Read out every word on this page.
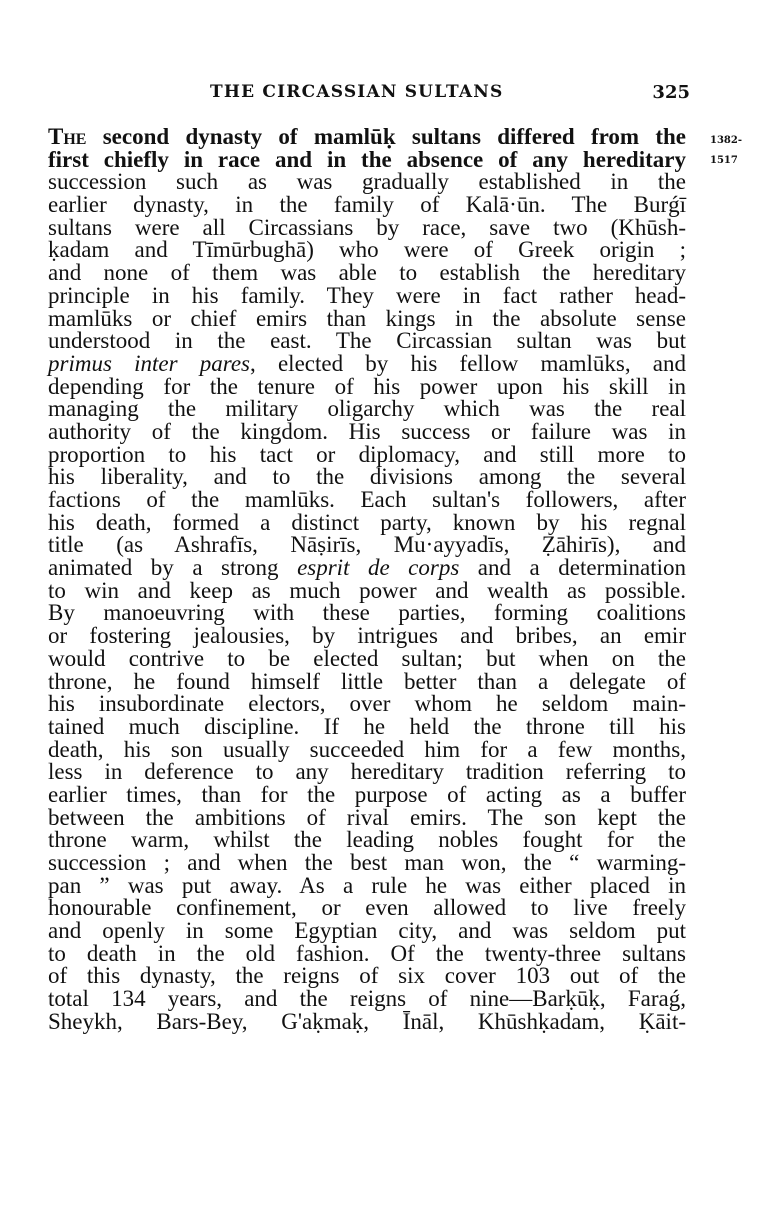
THE CIRCASSIAN SULTANS	325
1382-
1517
The second dynasty of mamlūḳ sultans differed from the
first chiefly in race and in the absence of any hereditary
succession such as was gradually established in the
earlier dynasty, in the family of Kalā·ūn. The Burǵī
sultans were all Circassians by race, save two (Khūsh-
ḳadam and Tīmūrbughā) who were of Greek origin ;
and none of them was able to establish the hereditary
principle in his family. They were in fact rather head-
mamlūks or chief emirs than kings in the absolute sense
understood in the east. The Circassian sultan was but
primus inter pares, elected by his fellow mamlūks, and
depending for the tenure of his power upon his skill in
managing the military oligarchy which was the real
authority of the kingdom. His success or failure was in
proportion to his tact or diplomacy, and still more to
his liberality, and to the divisions among the several
factions of the mamlūks. Each sultan's followers, after
his death, formed a distinct party, known by his regnal
title (as Ashrafīs, Nāṣirīs, Mu·ayyadīs, Ẓāhirīs), and
animated by a strong esprit de corps and a determination
to win and keep as much power and wealth as possible.
By manoeuvring with these parties, forming coalitions
or fostering jealousies, by intrigues and bribes, an emir
would contrive to be elected sultan; but when on the
throne, he found himself little better than a delegate of
his insubordinate electors, over whom he seldom main-
tained much discipline. If he held the throne till his
death, his son usually succeeded him for a few months,
less in deference to any hereditary tradition referring to
earlier times, than for the purpose of acting as a buffer
between the ambitions of rival emirs. The son kept the
throne warm, whilst the leading nobles fought for the
succession ; and when the best man won, the “ warming-
pan ” was put away. As a rule he was either placed in
honourable confinement, or even allowed to live freely
and openly in some Egyptian city, and was seldom put
to death in the old fashion. Of the twenty-three sultans
of this dynasty, the reigns of six cover 103 out of the
total 134 years, and the reigns of nine—Barḳūḳ, Faraǵ,
Sheykh, Bars-Bey, G'aḳmaḳ, Īnāl, Khūshḳadam, Ḳāit-
